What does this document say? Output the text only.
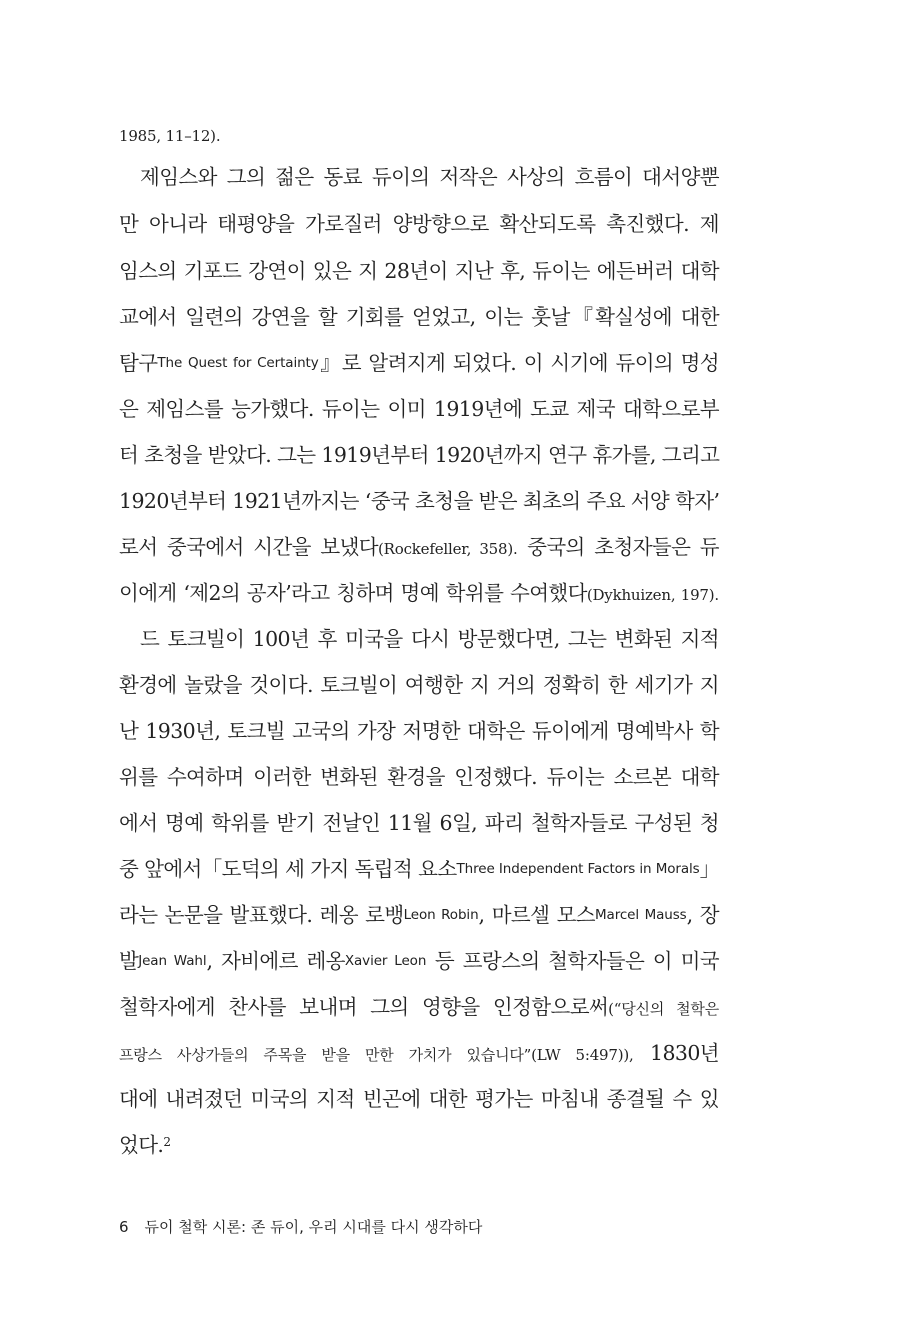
1985, 11–12).
제임스와 그의 젊은 동료 듀이의 저작은 사상의 흐름이 대서양뿐
만 아니라 태평양을 가로질러 양방향으로 확산되도록 촉진했다. 제
임스의 기포드 강연이 있은 지 28년이 지난 후, 듀이는 에든버러 대학
교에서 일련의 강연을 할 기회를 얻었고, 이는 훗날『확실성에 대한
탐구The Quest for Certainty』로 알려지게 되었다. 이 시기에 듀이의 명성
은 제임스를 능가했다. 듀이는 이미 1919년에 도쿄 제국 대학으로부
터 초청을 받았다. 그는 1919년부터 1920년까지 연구 휴가를, 그리고
1920년부터 1921년까지는 ‘중국 초청을 받은 최초의 주요 서양 학자’
로서 중국에서 시간을 보냈다(Rockefeller, 358). 중국의 초청자들은 듀
이에게 ‘제2의 공자’라고 칭하며 명예 학위를 수여했다(Dykhuizen, 197).
드 토크빌이 100년 후 미국을 다시 방문했다면, 그는 변화된 지적
환경에 놀랐을 것이다. 토크빌이 여행한 지 거의 정확히 한 세기가 지
난 1930년, 토크빌 고국의 가장 저명한 대학은 듀이에게 명예박사 학
위를 수여하며 이러한 변화된 환경을 인정했다. 듀이는 소르본 대학
에서 명예 학위를 받기 전날인 11월 6일, 파리 철학자들로 구성된 청
중 앞에서「도덕의 세 가지 독립적 요소Three Independent Factors in Morals」
라는 논문을 발표했다. 레옹 로뱅Leon Robin, 마르셀 모스Marcel Mauss, 장
발Jean Wahl, 자비에르 레옹Xavier Leon 등 프랑스의 철학자들은 이 미국
철학자에게 찬사를 보내며 그의 영향을 인정함으로써(“당신의 철학은
프랑스 사상가들의 주목을 받을 만한 가치가 있습니다”(LW 5:497)), 1830년
대에 내려졌던 미국의 지적 빈곤에 대한 평가는 마침내 종결될 수 있
었다.$^2$
6 듀이 철학 시론: 존 듀이, 우리 시대를 다시 생각하다
